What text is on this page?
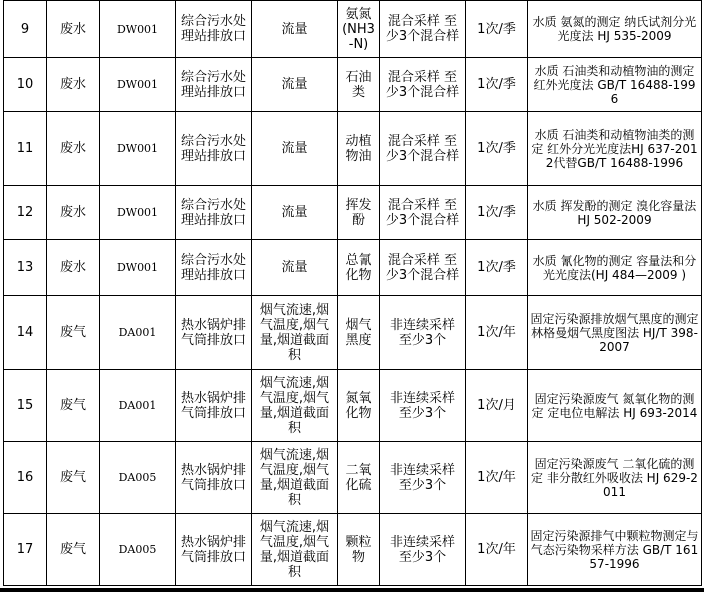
9	废水	DW001	综合污水处理站排放口	流量	氨氮(NH3-N)	混合采样 至少3个混合样	1次/季	水质 氨氮的测定 纳氏试剂分光光度法 HJ 535-2009
10	废水	DW001	综合污水处理站排放口	流量	石油类	混合采样 至少3个混合样	1次/季	水质 石油类和动植物油的测定 红外光度法 GB/T 16488-1996
11	废水	DW001	综合污水处理站排放口	流量	动植物油	混合采样 至少3个混合样	1次/季	水质 石油类和动植物油类的测定 红外分光光度法HJ 637-2012代替GB/T 16488-1996
12	废水	DW001	综合污水处理站排放口	流量	挥发酚	混合采样 至少3个混合样	1次/季	水质 挥发酚的测定 溴化容量法 HJ 502-2009
13	废水	DW001	综合污水处理站排放口	流量	总氰化物	混合采样 至少3个混合样	1次/季	水质 氰化物的测定 容量法和分光光度法(HJ 484—2009 )
14	废气	DA001	热水锅炉排气筒排放口	烟气流速,烟气温度,烟气量,烟道截面积	烟气黑度	非连续采样 至少3个	1次/年	固定污染源排放烟气黑度的测定 林格曼烟气黑度图法 HJ/T 398-2007
15	废气	DA001	热水锅炉排气筒排放口	烟气流速,烟气温度,烟气量,烟道截面积	氮氧化物	非连续采样 至少3个	1次/月	固定污染源废气 氮氧化物的测定 定电位电解法 HJ 693-2014
16	废气	DA005	热水锅炉排气筒排放口	烟气流速,烟气温度,烟气量,烟道截面积	二氧化硫	非连续采样 至少3个	1次/年	固定污染源废气 二氧化硫的测定 非分散红外吸收法 HJ 629-2011
17	废气	DA005	热水锅炉排气筒排放口	烟气流速,烟气温度,烟气量,烟道截面积	颗粒物	非连续采样 至少3个	1次/年	固定污染源排气中颗粒物测定与气态污染物采样方法 GB/T 16157-1996
